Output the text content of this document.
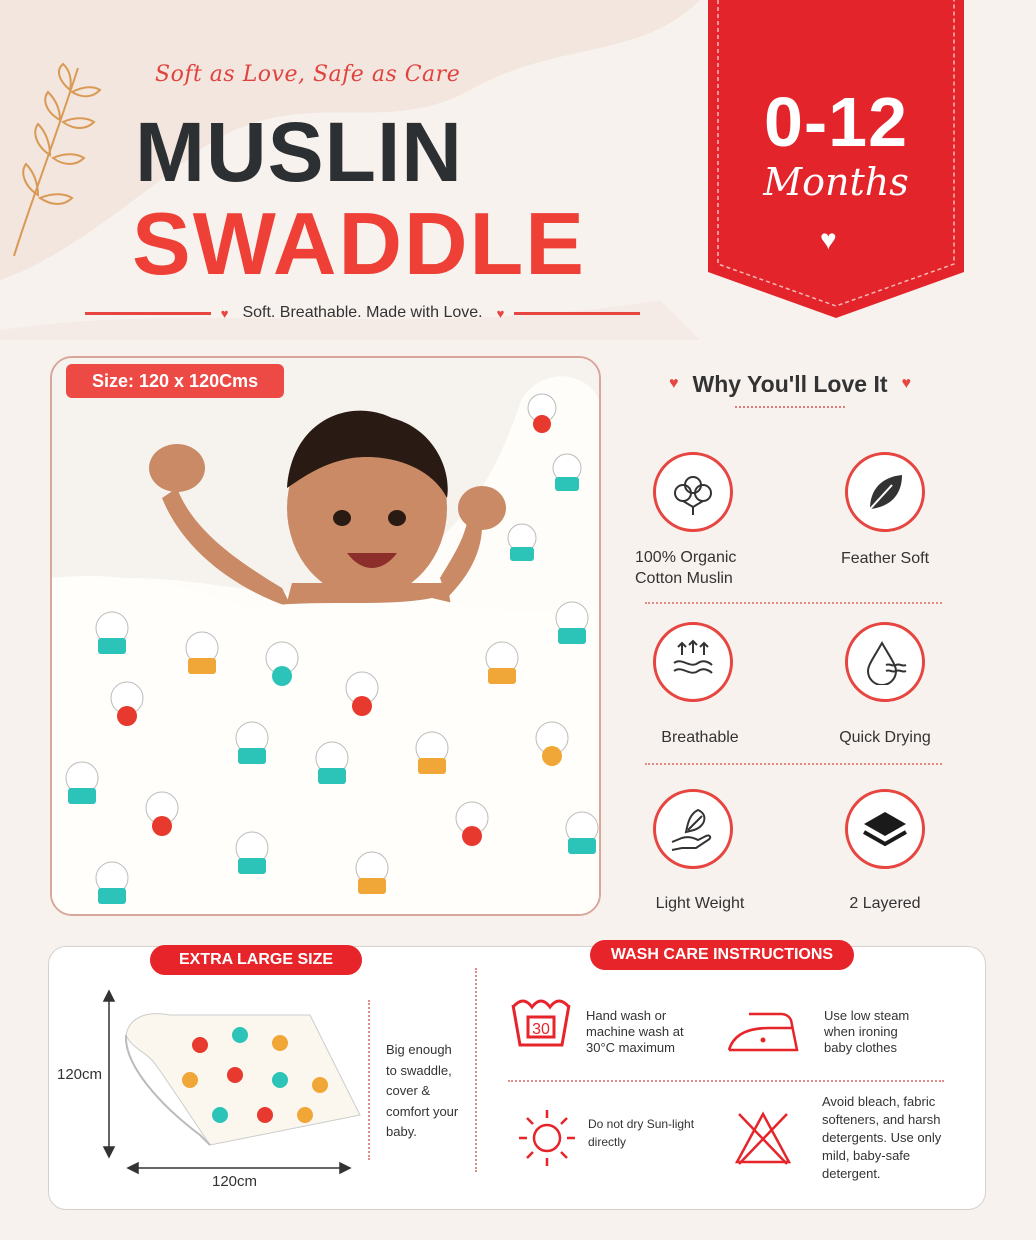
Soft as Love, Safe as Care
MUSLIN
SWADDLE
♥ Soft. Breathable. Made with Love.	♥
0-12
Months
♥
Size: 120 x 120Cms	♥ Why You'll Love It ♥
100% Organic
Cotton Muslin
Feather Soft
Breathable	Quick Drying
Light Weight	2 Layered
EXTRA LARGE SIZE	WASH CARE INSTRUCTIONS
120cm
120cm
Big enough
to swaddle,
cover &
comfort your
baby.
30
Hand wash or
machine wash at
30°C maximum
Use low steam
when ironing
baby clothes
Do not dry Sun-light
directly
Avoid bleach, fabric
softeners, and harsh
detergents. Use only
mild, baby-safe
detergent.
